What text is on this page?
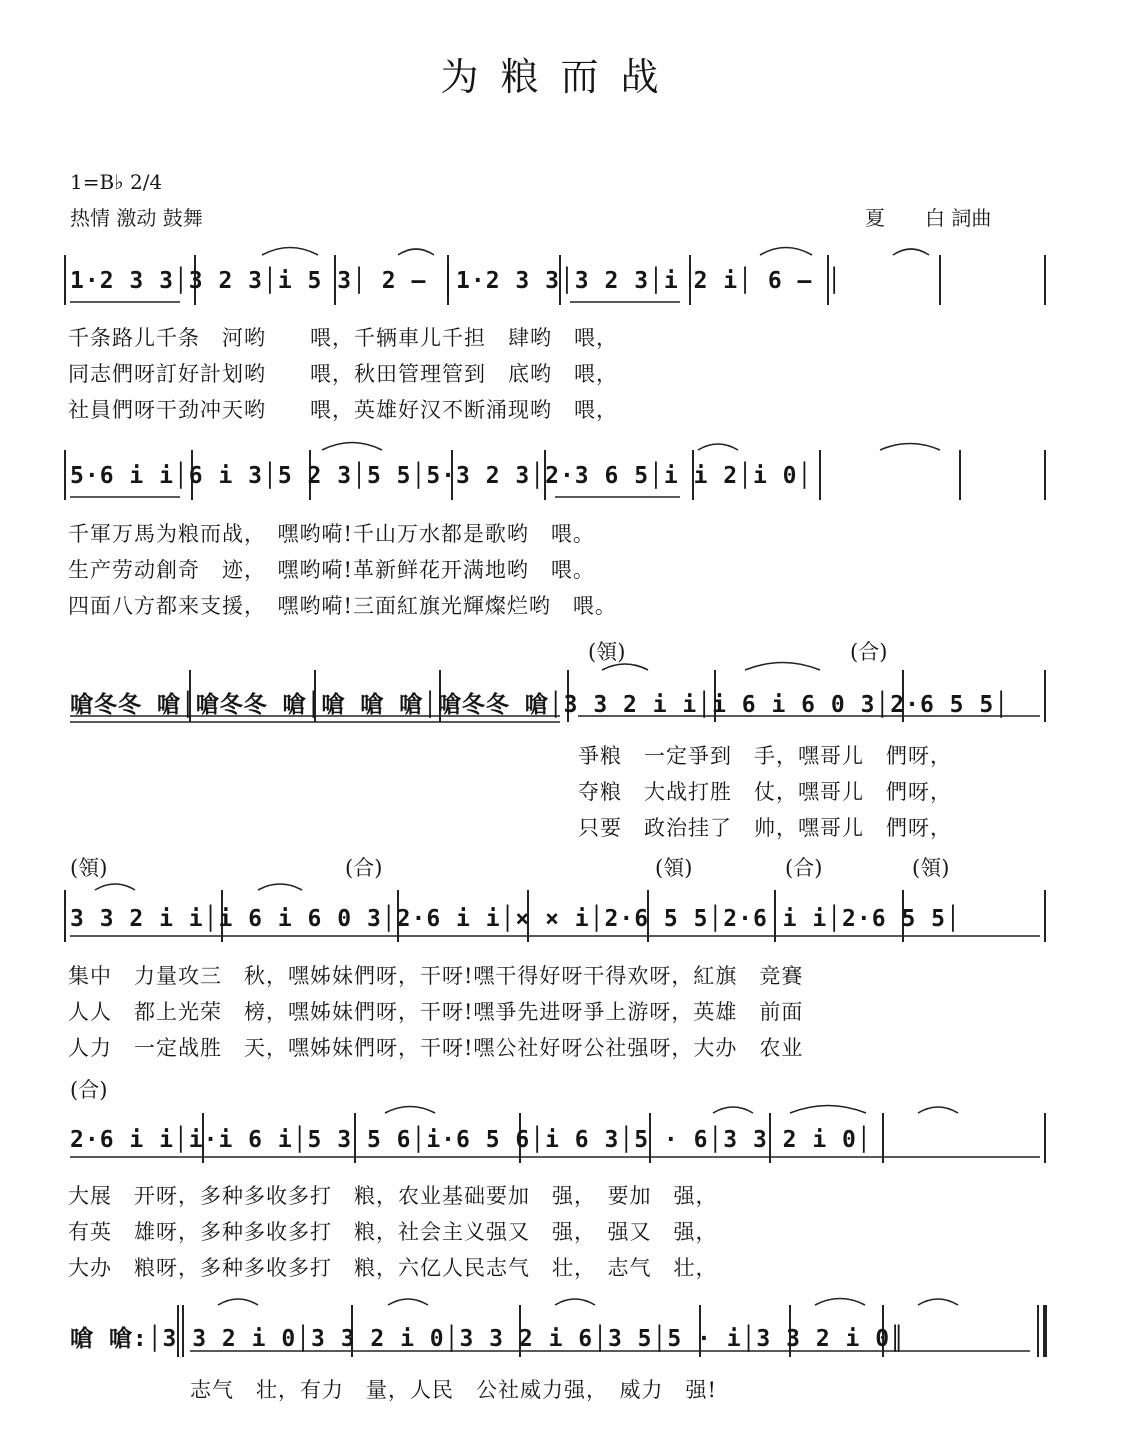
为粮而战
1=B♭ 2/4
热情 激动 鼓舞	夏　　白 詞曲
1·2 3 3│3 2 3│i 5 3│ 2 — │1·2 3 3│3 2 3│i 2 i│ 6 — │
千条路儿千条　河哟　　喂，千辆車儿千担　肆哟　喂，
同志們呀訂好計划哟　　喂，秋田管理管到　底哟　喂，
社員們呀干劲冲天哟　　喂，英雄好汉不断涌现哟　喂，
5·6 i i│6 i 3│5 2 3│5 5│5·3 2 3│2·3 6 5│i i 2│i 0│
千軍万馬为粮而战，　嘿哟嗬!千山万水都是歌哟　喂。
生产劳动創奇　迹，　嘿哟嗬!革新鲜花开满地哟　喂。
四面八方都来支援，　嘿哟嗬!三面紅旗光輝燦烂哟　喂。
(領)	(合)
嗆冬冬 嗆│嗆冬冬 嗆│嗆 嗆 嗆│嗆冬冬 嗆│3 3 2 i i│i 6 i 6 0 3│2·6 5 5│
爭粮　一定爭到　手，嘿哥儿　們呀，
夺粮　大战打胜　仗，嘿哥儿　們呀，
只要　政治挂了　帅，嘿哥儿　們呀，
(領)	(合)	(領)	(合)	(領)
3 3 2 i i│i 6 i 6 0 3│2·6 i i│× × i│2·6 5 5│2·6 i i│2·6 5 5│
集中　力量攻三　秋，嘿姊妹們呀，干呀!嘿干得好呀干得欢呀，紅旗　竞賽
人人　都上光荣　榜，嘿姊妹們呀，干呀!嘿爭先进呀爭上游呀，英雄　前面
人力　一定战胜　天，嘿姊妹們呀，干呀!嘿公社好呀公社强呀，大办　农业
(合)
2·6 i i│i·i 6 i│5 3 5 6│i·6 5 6│i 6 3│5 · 6│3 3 2 i 0│
大展　开呀，多种多收多打　粮，农业基础要加　强，　要加　强，
有英　雄呀，多种多收多打　粮，社会主义强又　强，　强又　强，
大办　粮呀，多种多收多打　粮，六亿人民志气　壮，　志气　壮，
嗆 嗆:│3 3 2 i 0│3 3 2 i 0│3 3 2 i 6│3 5│5 · i│3 3 2 i 0║
志气　壮，有力　量，人民　公社威力强，　威力　强!
